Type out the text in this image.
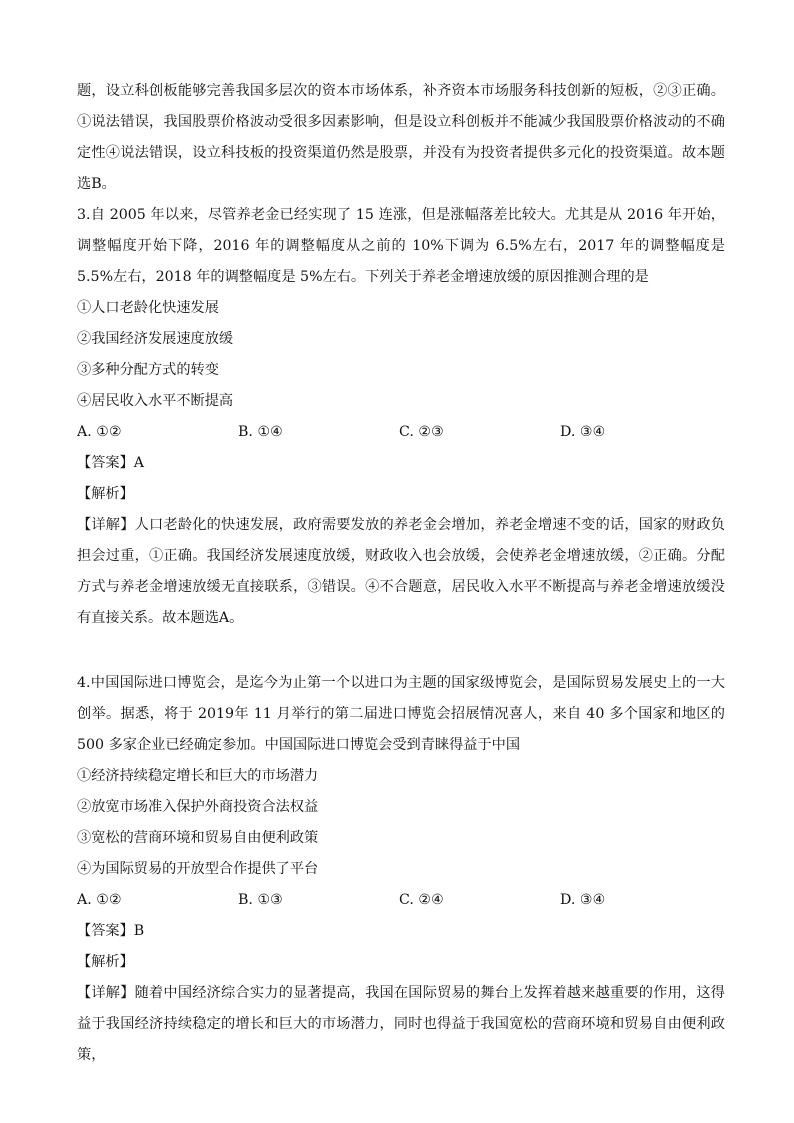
题，设立科创板能够完善我国多层次的资本市场体系，补齐资本市场服务科技创新的短板，②③正确。①说法错误，我国股票价格波动受很多因素影响，但是设立科创板并不能减少我国股票价格波动的不确定性④说法错误，设立科技板的投资渠道仍然是股票，并没有为投资者提供多元化的投资渠道。故本题选B。

3.自 2005 年以来，尽管养老金已经实现了 15 连涨，但是涨幅落差比较大。尤其是从 2016 年开始，调整幅度开始下降，2016 年的调整幅度从之前的 10%下调为 6.5%左右，2017 年的调整幅度是 5.5%左右，2018 年的调整幅度是 5%左右。下列关于养老金增速放缓的原因推测合理的是

①人口老龄化快速发展

②我国经济发展速度放缓

③多种分配方式的转变

④居民收入水平不断提高

A. ①②	B. ①④	C. ②③	D. ③④

【答案】A

【解析】

【详解】人口老龄化的快速发展，政府需要发放的养老金会增加，养老金增速不变的话，国家的财政负担会过重，①正确。我国经济发展速度放缓，财政收入也会放缓，会使养老金增速放缓，②正确。分配方式与养老金增速放缓无直接联系，③错误。④不合题意，居民收入水平不断提高与养老金增速放缓没有直接关系。故本题选A。

4.中国国际进口博览会，是迄今为止第一个以进口为主题的国家级博览会，是国际贸易发展史上的一大创举。据悉，将于 2019年 11 月举行的第二届进口博览会招展情况喜人，来自 40 多个国家和地区的 500 多家企业已经确定参加。中国国际进口博览会受到青睐得益于中国

①经济持续稳定增长和巨大的市场潜力

②放宽市场准入保护外商投资合法权益

③宽松的营商环境和贸易自由便利政策

④为国际贸易的开放型合作提供了平台

A. ①②	B. ①③	C. ②④	D. ③④

【答案】B

【解析】

【详解】随着中国经济综合实力的显著提高，我国在国际贸易的舞台上发挥着越来越重要的作用，这得益于我国经济持续稳定的增长和巨大的市场潜力，同时也得益于我国宽松的营商环境和贸易自由便利政策，
